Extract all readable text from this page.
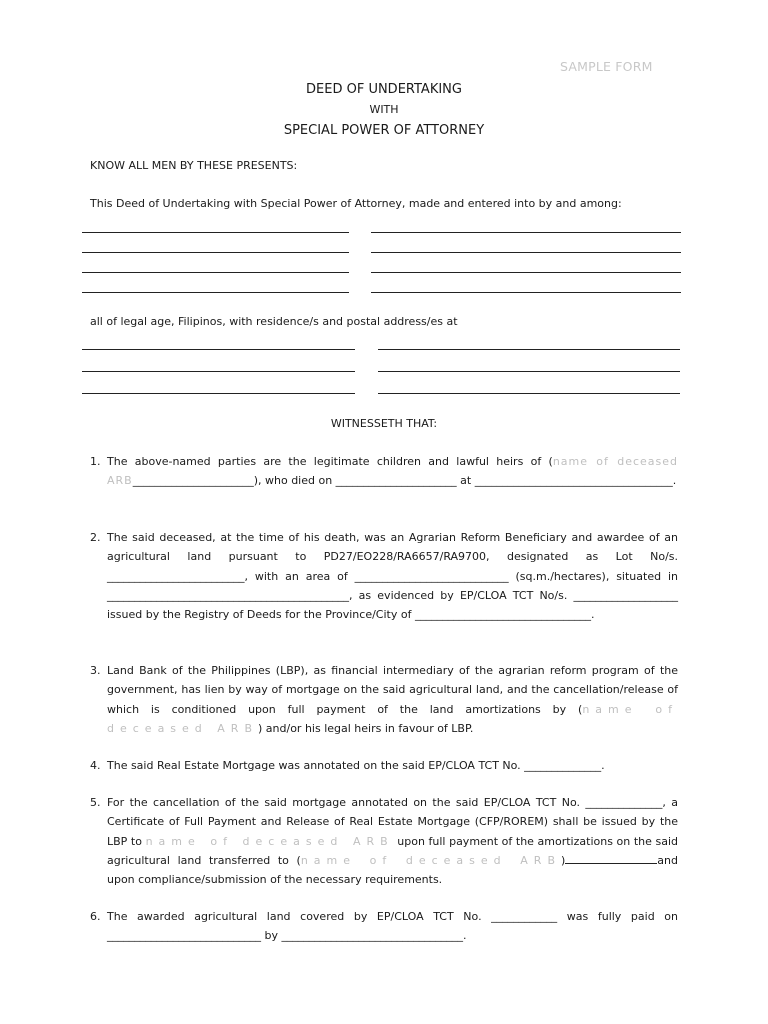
SAMPLE FORM
DEED OF UNDERTAKING
WITH
SPECIAL POWER OF ATTORNEY
KNOW ALL MEN BY THESE PRESENTS:
This Deed of Undertaking with Special Power of Attorney, made and entered into by and among:
all of legal age, Filipinos, with residence/s and postal address/es at
WITNESSETH THAT:
1. The above-named parties are the legitimate children and lawful heirs of (name of deceased ARB______________________), who died on ______________________ at ____________________________________.
2. The said deceased, at the time of his death, was an Agrarian Reform Beneficiary and awardee of an agricultural land pursuant to PD27/EO228/RA6657/RA9700, designated as Lot No/s. _________________________, with an area of ____________________________ (sq.m./hectares), situated in ____________________________________________, as evidenced by EP/CLOA TCT No/s. ___________________ issued by the Registry of Deeds for the Province/City of ________________________________.
3. Land Bank of the Philippines (LBP), as financial intermediary of the agrarian reform program of the government, has lien by way of mortgage on the said agricultural land, and the cancellation/release of which is conditioned upon full payment of the land amortizations by (name of deceased ARB) and/or his legal heirs in favour of LBP.
4. The said Real Estate Mortgage was annotated on the said EP/CLOA TCT No. ______________.
5. For the cancellation of the said mortgage annotated on the said EP/CLOA TCT No. ______________, a Certificate of Full Payment and Release of Real Estate Mortgage (CFP/ROREM) shall be issued by the LBP to name of deceased ARB upon full payment of the amortizations on the said agricultural land transferred to (name of deceased ARB)	and upon compliance/submission of the necessary requirements.
6. The awarded agricultural land covered by EP/CLOA TCT No. ____________ was fully paid on ____________________________ by _________________________________.
